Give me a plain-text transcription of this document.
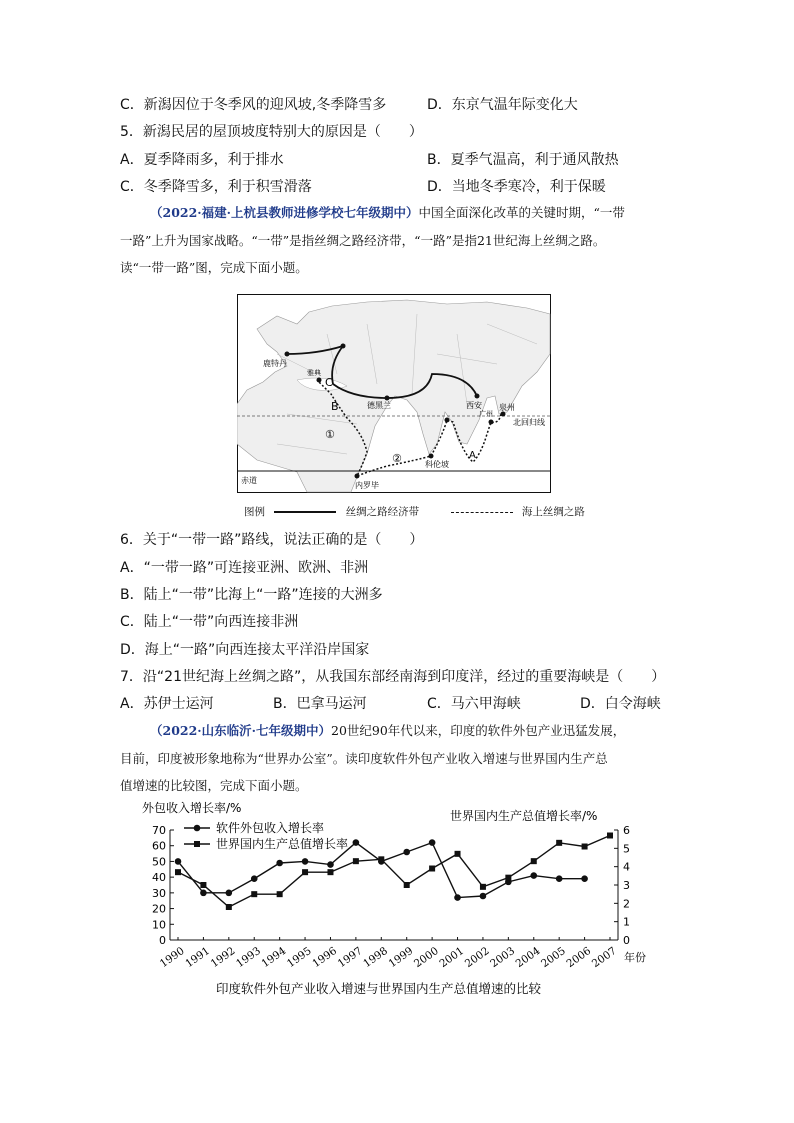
C．新潟因位于冬季风的迎风坡,冬季降雪多	D．东京气温年际变化大
5．新潟民居的屋顶坡度特别大的原因是（　　）
A．夏季降雨多，利于排水	B．夏季气温高，利于通风散热
C．冬季降雪多，利于积雪滑落	D．当地冬季寒冷，利于保暖
（2022·福建·上杭县教师进修学校七年级期中）中国全面深化改革的关键时期，“一带
一路”上升为国家战略。“一带”是指丝绸之路经济带，“一路”是指21世纪海上丝绸之路。
读“一带一路”图，完成下面小题。
鹿特丹
雅典
德黑兰	西安
广州
泉州
科伦坡
内罗毕
北回归线
赤道
C
B
A
①
②
图例	丝绸之路经济带	海上丝绸之路
6．关于“一带一路”路线，说法正确的是（　　）
A．“一带一路”可连接亚洲、欧洲、非洲
B．陆上“一带”比海上“一路”连接的大洲多
C．陆上“一带”向西连接非洲
D．海上“一路”向西连接太平洋沿岸国家
7．沿“21世纪海上丝绸之路”，从我国东部经南海到印度洋，经过的重要海峡是（　　）
A．苏伊士运河	B．巴拿马运河	C．马六甲海峡	D．白令海峡
（2022·山东临沂·七年级期中）20世纪90年代以来，印度的软件外包产业迅猛发展，
目前，印度被形象地称为“世界办公室”。读印度软件外包产业收入增速与世界国内生产总
值增速的比较图，完成下面小题。
0
10
20
30
40
50
60
70
0
1
2
3
4
5
6
1990
1991
1992
1993
1994
1995
1996
1997
1998
1999
2000
2001
2002
2003
2004
2005
2006
2007
软件外包收入增长率
世界国内生产总值增长率
外包收入增长率/%
世界国内生产总值增长率/%
印度软件外包产业收入增速与世界国内生产总值增速的比较
年份
